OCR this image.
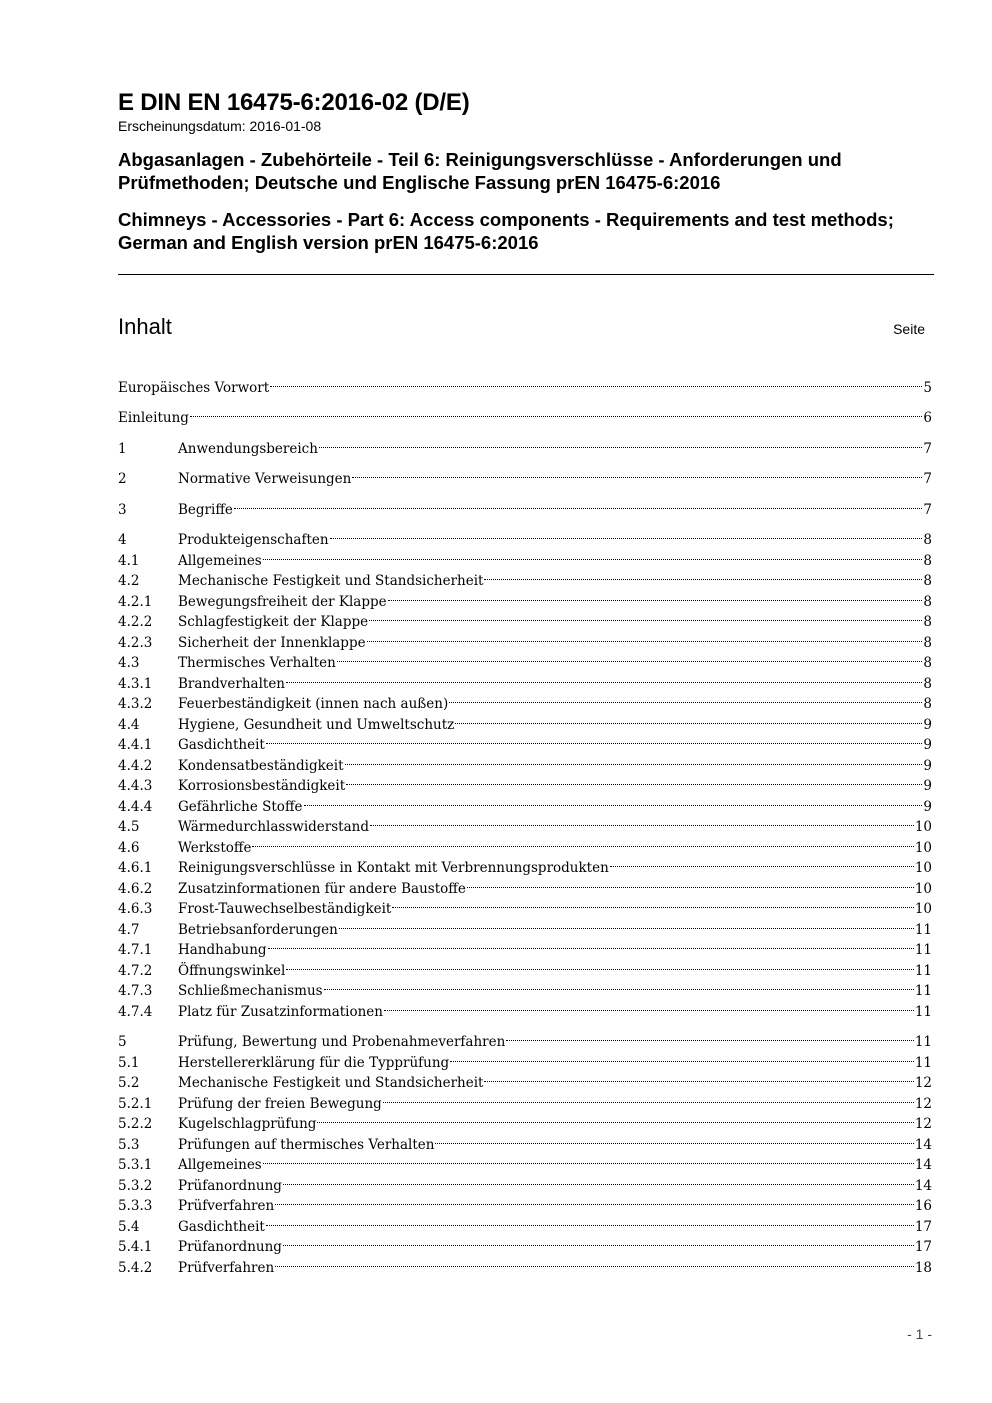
E DIN EN 16475-6:2016-02 (D/E)
Erscheinungsdatum: 2016-01-08
Abgasanlagen - Zubehörteile - Teil 6: Reinigungsverschlüsse - Anforderungen und Prüfmethoden; Deutsche und Englische Fassung prEN 16475-6:2016
Chimneys - Accessories - Part 6: Access components - Requirements and test methods; German and English version prEN 16475-6:2016
Inhalt	Seite
Europäisches Vorwort	5
Einleitung	6
1	Anwendungsbereich	7
2	Normative Verweisungen	7
3	Begriffe	7
4	Produkteigenschaften	8
4.1	Allgemeines	8
4.2	Mechanische Festigkeit und Standsicherheit	8
4.2.1	Bewegungsfreiheit der Klappe	8
4.2.2	Schlagfestigkeit der Klappe	8
4.2.3	Sicherheit der Innenklappe	8
4.3	Thermisches Verhalten	8
4.3.1	Brandverhalten	8
4.3.2	Feuerbeständigkeit (innen nach außen)	8
4.4	Hygiene, Gesundheit und Umweltschutz	9
4.4.1	Gasdichtheit	9
4.4.2	Kondensatbeständigkeit	9
4.4.3	Korrosionsbeständigkeit	9
4.4.4	Gefährliche Stoffe	9
4.5	Wärmedurchlasswiderstand	10
4.6	Werkstoffe	10
4.6.1	Reinigungsverschlüsse in Kontakt mit Verbrennungsprodukten	10
4.6.2	Zusatzinformationen für andere Baustoffe	10
4.6.3	Frost-Tauwechselbeständigkeit	10
4.7	Betriebsanforderungen	11
4.7.1	Handhabung	11
4.7.2	Öffnungswinkel	11
4.7.3	Schließmechanismus	11
4.7.4	Platz für Zusatzinformationen	11
5	Prüfung, Bewertung und Probenahmeverfahren	11
5.1	Herstellererklärung für die Typprüfung	11
5.2	Mechanische Festigkeit und Standsicherheit	12
5.2.1	Prüfung der freien Bewegung	12
5.2.2	Kugelschlagprüfung	12
5.3	Prüfungen auf thermisches Verhalten	14
5.3.1	Allgemeines	14
5.3.2	Prüfanordnung	14
5.3.3	Prüfverfahren	16
5.4	Gasdichtheit	17
5.4.1	Prüfanordnung	17
5.4.2	Prüfverfahren	18
- 1 -
